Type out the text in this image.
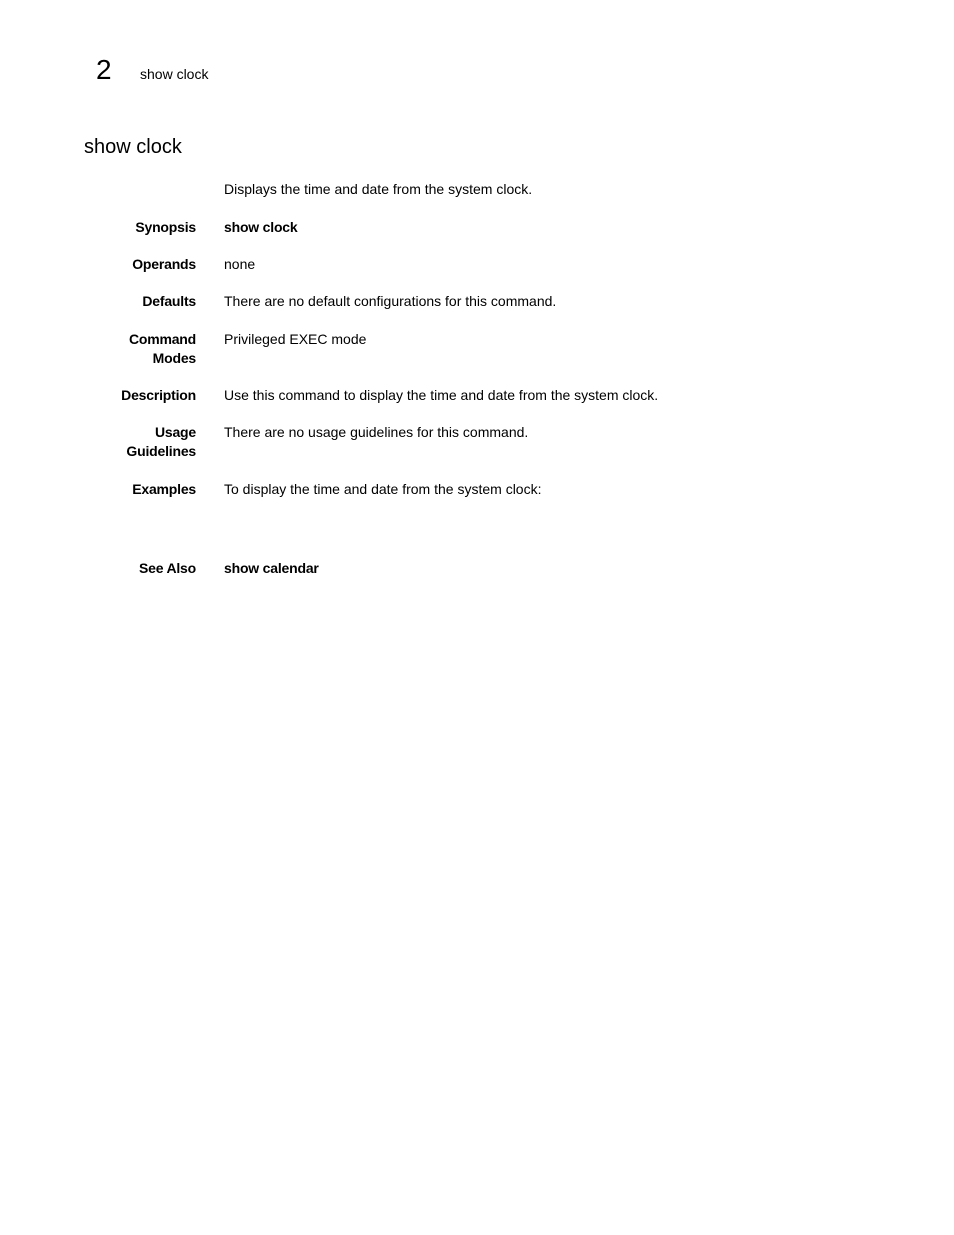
2 show clock
show clock
Displays the time and date from the system clock.
Synopsis show clock
Operands none
Defaults There are no default configurations for this command.
Command
Modes
Privileged EXEC mode
Description Use this command to display the time and date from the system clock.
Usage
Guidelines
There are no usage guidelines for this command.
Examples To display the time and date from the system clock:
See Also show calendar
